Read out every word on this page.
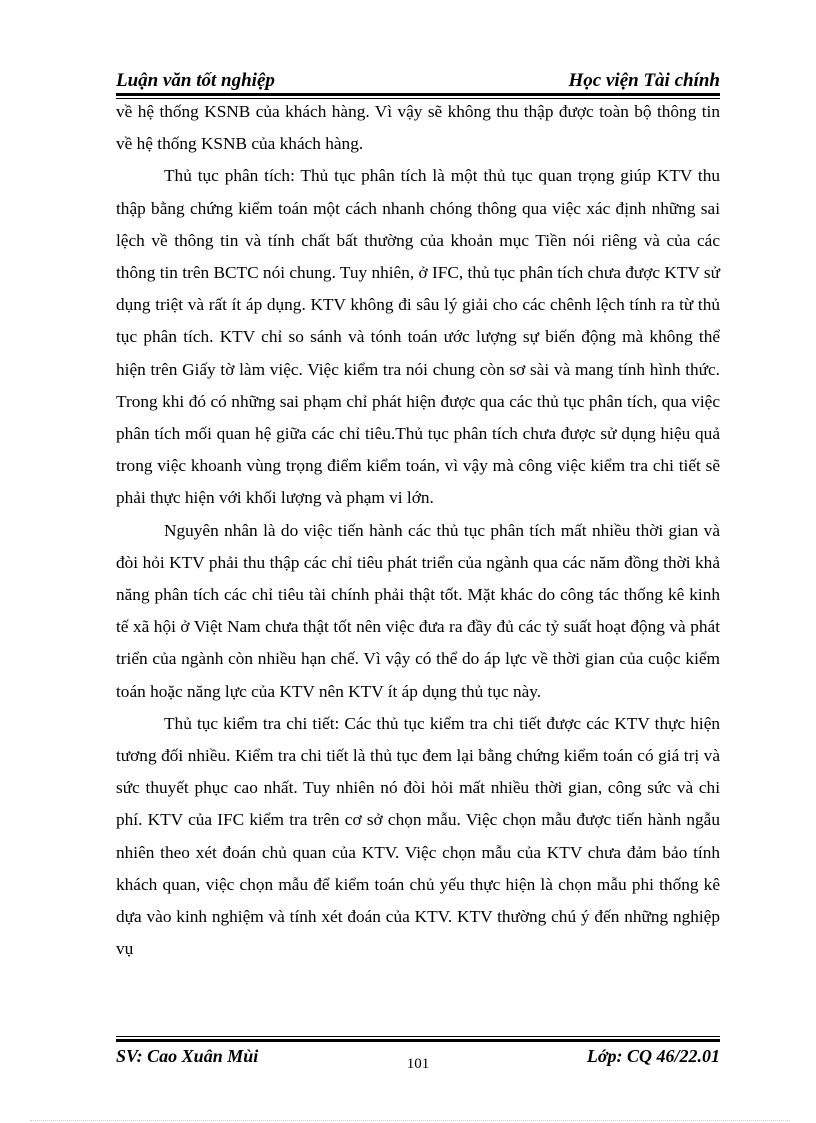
Luận văn tốt nghiệp	Học viện Tài chính

về hệ thống KSNB của khách hàng. Vì vậy sẽ không thu thập được toàn bộ thông tin về hệ thống KSNB của khách hàng.

Thủ tục phân tích: Thủ tục phân tích là một thủ tục quan trọng giúp KTV thu thập bằng chứng kiểm toán một cách nhanh chóng thông qua việc xác định những sai lệch về thông tin và tính chất bất thường của khoản mục Tiền nói riêng và của các thông tin trên BCTC nói chung. Tuy nhiên, ở IFC, thủ tục phân tích chưa được KTV sử dụng triệt và rất ít áp dụng. KTV không đi sâu lý giải cho các chênh lệch tính ra từ thủ tục phân tích. KTV chỉ so sánh và tónh toán ước lượng sự biến động mà không thể hiện trên Giấy tờ làm việc. Việc kiểm tra nói chung còn sơ sài và mang tính hình thức. Trong khi đó có những sai phạm chỉ phát hiện được qua các thủ tục phân tích, qua việc phân tích mối quan hệ giữa các chỉ tiêu.Thủ tục phân tích chưa được sử dụng hiệu quả trong việc khoanh vùng trọng điểm kiểm toán, vì vậy mà công việc kiểm tra chi tiết sẽ phải thực hiện với khối lượng và phạm vi lớn.

Nguyên nhân là do việc tiến hành các thủ tục phân tích mất nhiều thời gian và đòi hỏi KTV phải thu thập các chỉ tiêu phát triển của ngành qua các năm đồng thời khả năng phân tích các chỉ tiêu tài chính phải thật tốt. Mặt khác do công tác thống kê kinh tế xã hội ở Việt Nam chưa thật tốt nên việc đưa ra đầy đủ các tỷ suất hoạt động và phát triển của ngành còn nhiều hạn chế. Vì vậy có thể do áp lực về thời gian của cuộc kiểm toán hoặc năng lực của KTV nên KTV ít áp dụng thủ tục này.

Thủ tục kiểm tra chi tiết: Các thủ tục kiểm tra chi tiết được các KTV thực hiện tương đối nhiều. Kiểm tra chi tiết là thủ tục đem lại bằng chứng kiểm toán có giá trị và sức thuyết phục cao nhất. Tuy nhiên nó đòi hỏi mất nhiều thời gian, công sức và chi phí. KTV của IFC kiểm tra trên cơ sở chọn mẫu. Việc chọn mẫu được tiến hành ngẫu nhiên theo xét đoán chủ quan của KTV. Việc chọn mẫu của KTV chưa đảm bảo tính khách quan, việc chọn mẫu để kiểm toán chủ yếu thực hiện là chọn mẫu phi thống kê dựa vào kinh nghiệm và tính xét đoán của KTV. KTV thường chú ý đến những nghiệp vụ

SV: Cao Xuân Mùi	101	Lớp: CQ 46/22.01
